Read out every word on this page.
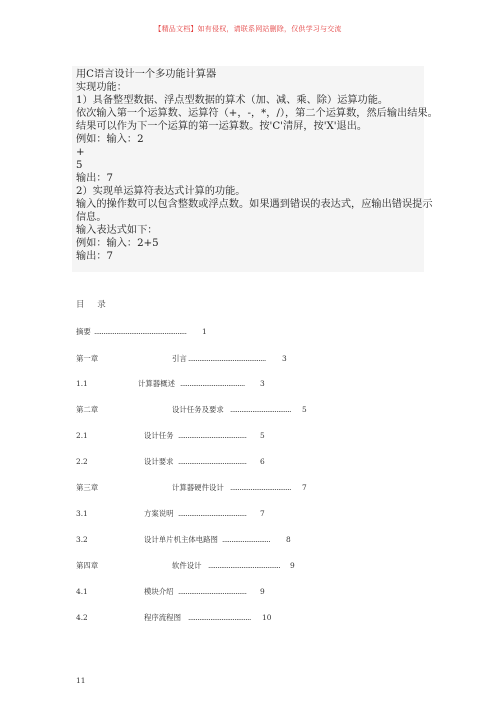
【精品文档】如有侵权，请联系网站删除，仅供学习与交流
用C语言设计一个多功能计算器
实现功能：
1）具备整型数据、浮点型数据的算术（加、减、乘、除）运算功能。
依次输入第一个运算数、运算符（+，-，*，/），第二个运算数，然后输出结果。
结果可以作为下一个运算的第一运算数。按'C'清屏，按'X'退出。
例如：输入：2
+
5
输出：7
2）实现单运算符表达式计算的功能。
输入的操作数可以包含整数或浮点数。如果遇到错误的表达式，应输出错误提示
信息。
输入表达式如下：
例如：输入：2+5
输出：7
目 录
摘要 .................................................. 1
第一章	引言 .......................................... 3
1.1	计算器概述 ................................... 3
第二章	设计任务及要求 ................................. 5
2.1	设计任务 ..................................... 5
2.2	设计要求 ..................................... 6
第三章	计算器硬件设计 ................................. 7
3.1	方案说明 ..................................... 7
3.2	设计单片机主体电路图 .......................... 8
第四章	软件设计 ....................................... 9
4.1	模块介绍 ..................................... 9
4.2	程序流程图 .................................. 10
11
